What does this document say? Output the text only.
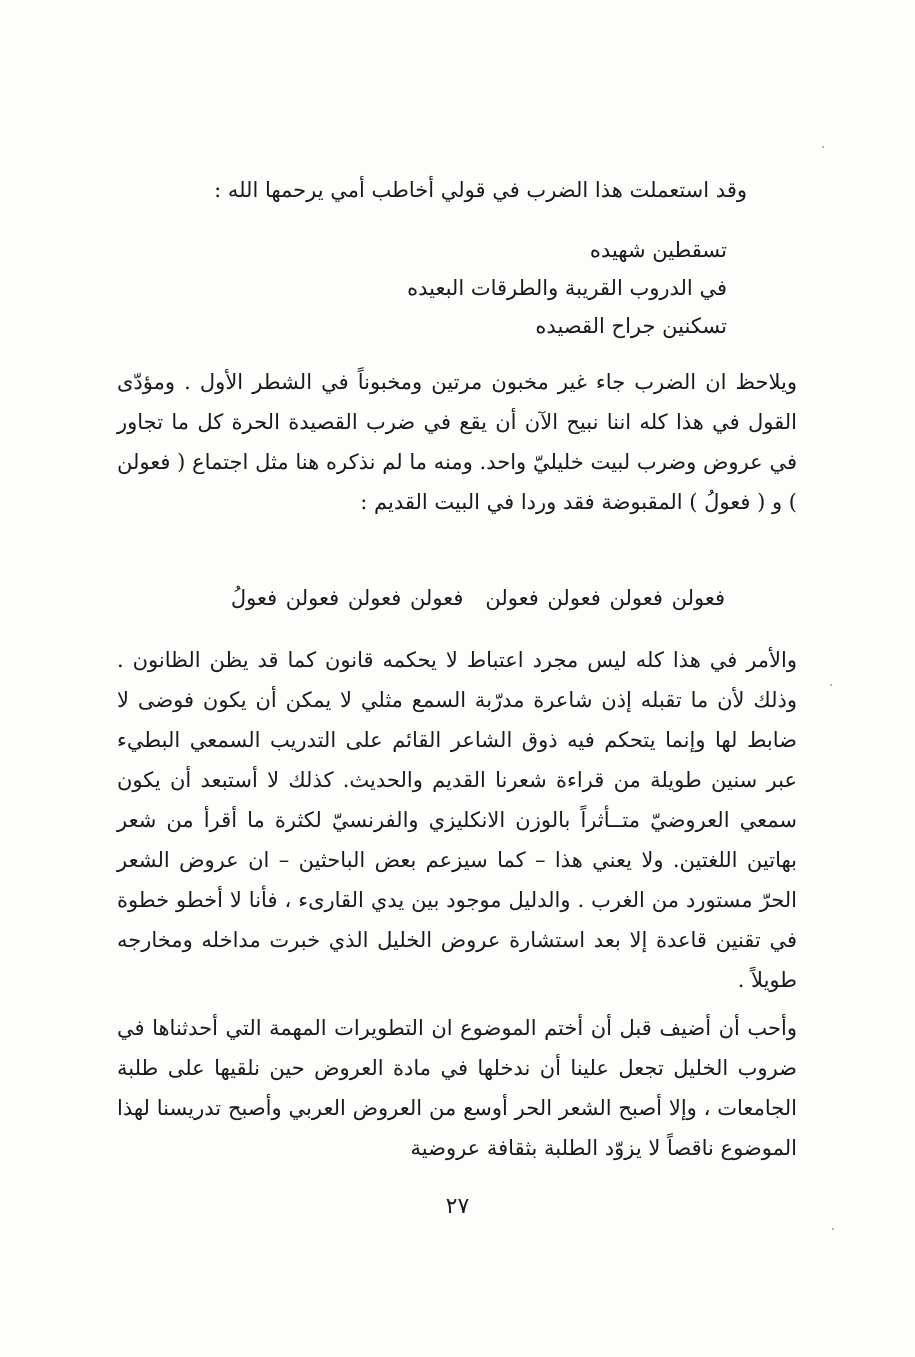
وقد استعملت هذا الضرب في قولي أخاطب أمي يرحمها الله :
تسقطين شهيده
في الدروب القريبة والطرقات البعيده
تسكنين جراح القصيده
ويلاحظ ان الضرب جاء غير مخبون مرتين ومخبوناً في الشطر الأول . ومؤدّى القول في هذا كله اننا نبيح الآن أن يقع في ضرب القصيدة الحرة كل ما تجاور في عروض وضرب لبيت خليليّ واحد. ومنه ما لم نذكره هنا مثل اجتماع ( فعولن ) و ( فعولُ ) المقبوضة فقد وردا في البيت القديم :
فعولن فعولن فعولن فعولنفعولن فعولن فعولن فعولُ
والأمر في هذا كله ليس مجرد اعتباط لا يحكمه قانون كما قد يظن الظانون . وذلك لأن ما تقبله إذن شاعرة مدرّبة السمع مثلي لا يمكن أن يكون فوضى لا ضابط لها وإنما يتحكم فيه ذوق الشاعر القائم على التدريب السمعي البطيء عبر سنين طويلة من قراءة شعرنا القديم والحديث. كذلك لا أستبعد أن يكون سمعي العروضيّ متــأثراً بالوزن الانكليزي والفرنسيّ لكثرة ما أقرأ من شعر بهاتين اللغتين. ولا يعني هذا – كما سيزعم بعض الباحثين – ان عروض الشعر الحرّ مستورد من الغرب . والدليل موجود بين يدي القارىء ، فأنا لا أخطو خطوة في تقنين قاعدة إلا بعد استشارة عروض الخليل الذي خبرت مداخله ومخارجه طويلاً .
وأحب أن أضيف قبل أن أختم الموضوع ان التطويرات المهمة التي أحدثناها في ضروب الخليل تجعل علينا أن ندخلها في مادة العروض حين نلقيها على طلبة الجامعات ، وإلا أصبح الشعر الحر أوسع من العروض العربي وأصبح تدريسنا لهذا الموضوع ناقصاً لا يزوّد الطلبة بثقافة عروضية
٢٧
